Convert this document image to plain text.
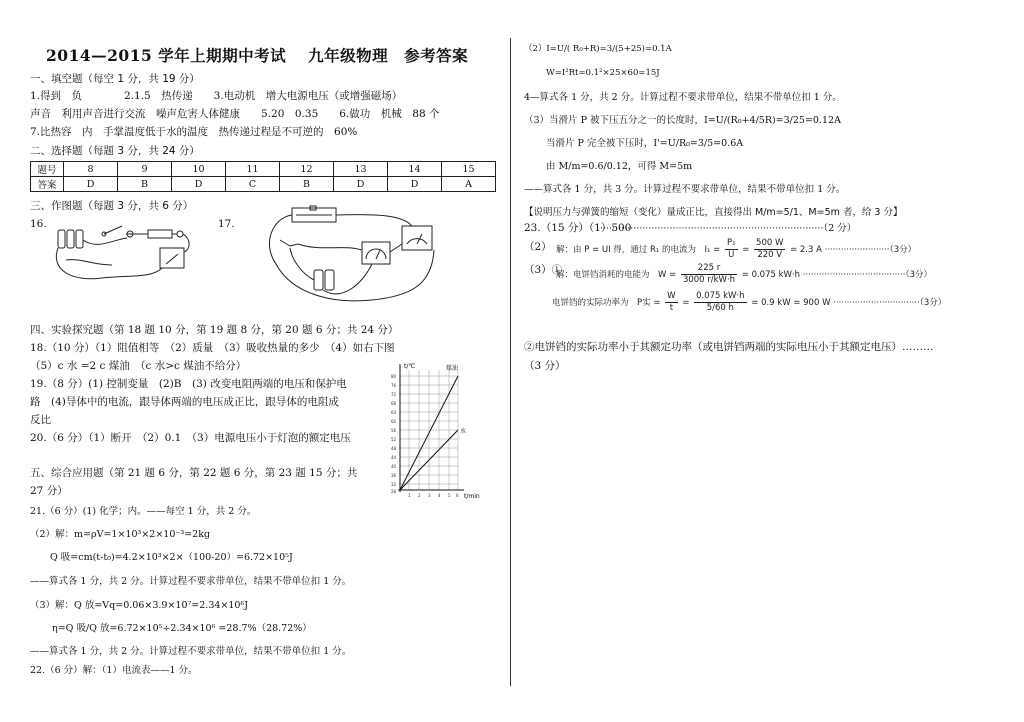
2014—2015 学年上期期中考试　 九年级物理　参考答案
一、填空题（每空 1 分，共 19 分）
1.得到　负　　　　2.1.5　热传递　　3.电动机　增大电源电压（或增强磁场）
声音　利用声音进行交流　噪声危害人体健康　　5.20　0.35　　6.做功　机械　88 个
7.比热容　内　手掌温度低于水的温度　热传递过程是不可逆的　60%
二、选择题（每题 3 分，共 24 分）
题号	8	9	10	11	12	13	14	15
答案	D	B	D	C	B	D	D	A
三、作图题（每题 3 分，共 6 分）
16.	17.
四、实验探究题（第 18 题 10 分，第 19 题 8 分，第 20 题 6 分；共 24 分）
18.（10 分）（1）阻值相等　（2）质量　（3）吸收热量的多少　（4）如右下图
（5）c 水 =2 c 煤油　（c 水>c 煤油不给分）
19.（8 分）(1) 控制变量　(2)B　(3) 改变电阻两端的电压和保护电
路　(4)导体中的电流，跟导体两端的电压成正比，跟导体的电阻成
反比
20.（6 分）（1）断开　（2）0.1　（3）电源电压小于灯泡的额定电压
五、综合应用题（第 21 题 6 分，第 22 题 6 分，第 23 题 15 分；共
27 分）
21.（6 分）(1) 化学；内。——每空 1 分，共 2 分。
（2）解：m=ρV=1×10³×2×10⁻³=2kg
Q 吸=cm(t-t₀)=4.2×10³×2×（100-20）=6.72×10⁵J
——算式各 1 分，共 2 分。计算过程不要求带单位，结果不带单位扣 1 分。
（3）解：Q 放=Vq=0.06×3.9×10⁷=2.34×10⁶J
η=Q 吸/Q 放=6.72×10⁵÷2.34×10⁶ =28.7%（28.72%）
——算式各 1 分，共 2 分。计算过程不要求带单位，结果不带单位扣 1 分。
22.（6 分）解：（1）电流表——1 分。
t/℃	煤油
水
t/min
80
76
72
68
64
60
56
52
48
44
40
36
32
28
1 2 3 4 5 6
（2）I=U/( R₀+R)=3/(5+25)=0.1A
W=I²Rt=0.1²×25×60=15J
4—算式各 1 分，共 2 分。计算过程不要求带单位，结果不带单位扣 1 分。
（3）当滑片 P 被下压五分之一的长度时，I=U/(R₀+4/5R)=3/25=0.12A
当滑片 P 完全被下压时，I'=U/R₀=3/5=0.6A
由 M/m=0.6/0.12，可得 M=5m
——算式各 1 分，共 3 分。计算过程不要求带单位，结果不带单位扣 1 分。
【说明压力与弹簧的缩短（变化）量成正比，直接得出 M/m=5/1、M=5m 者，给 3 分】
23.（15 分）（1）500
··········································································（2 分）
（2） 解：由 P = UI 得，通过 R₁ 的电流为　$I_1 = \frac{\text{P₁}}{U} = \frac{500 W}{220 V} = 2.3$ A ························（3分）
（3）①
解：电饼铛消耗的电能为　$W = \frac{225 r}{3000 r/kW\cdot h} = 0.075$ kW·h ······································（3分）
电饼铛的实际功率为　P实 = $\frac{W}{t} = \frac{0.075 kW\cdot h}{5/60 h} = 0.9$ kW = 900 W ································（3分）
②电饼铛的实际功率小于其额定功率（或电饼铛两端的实际电压小于其额定电压）………
（3 分）
